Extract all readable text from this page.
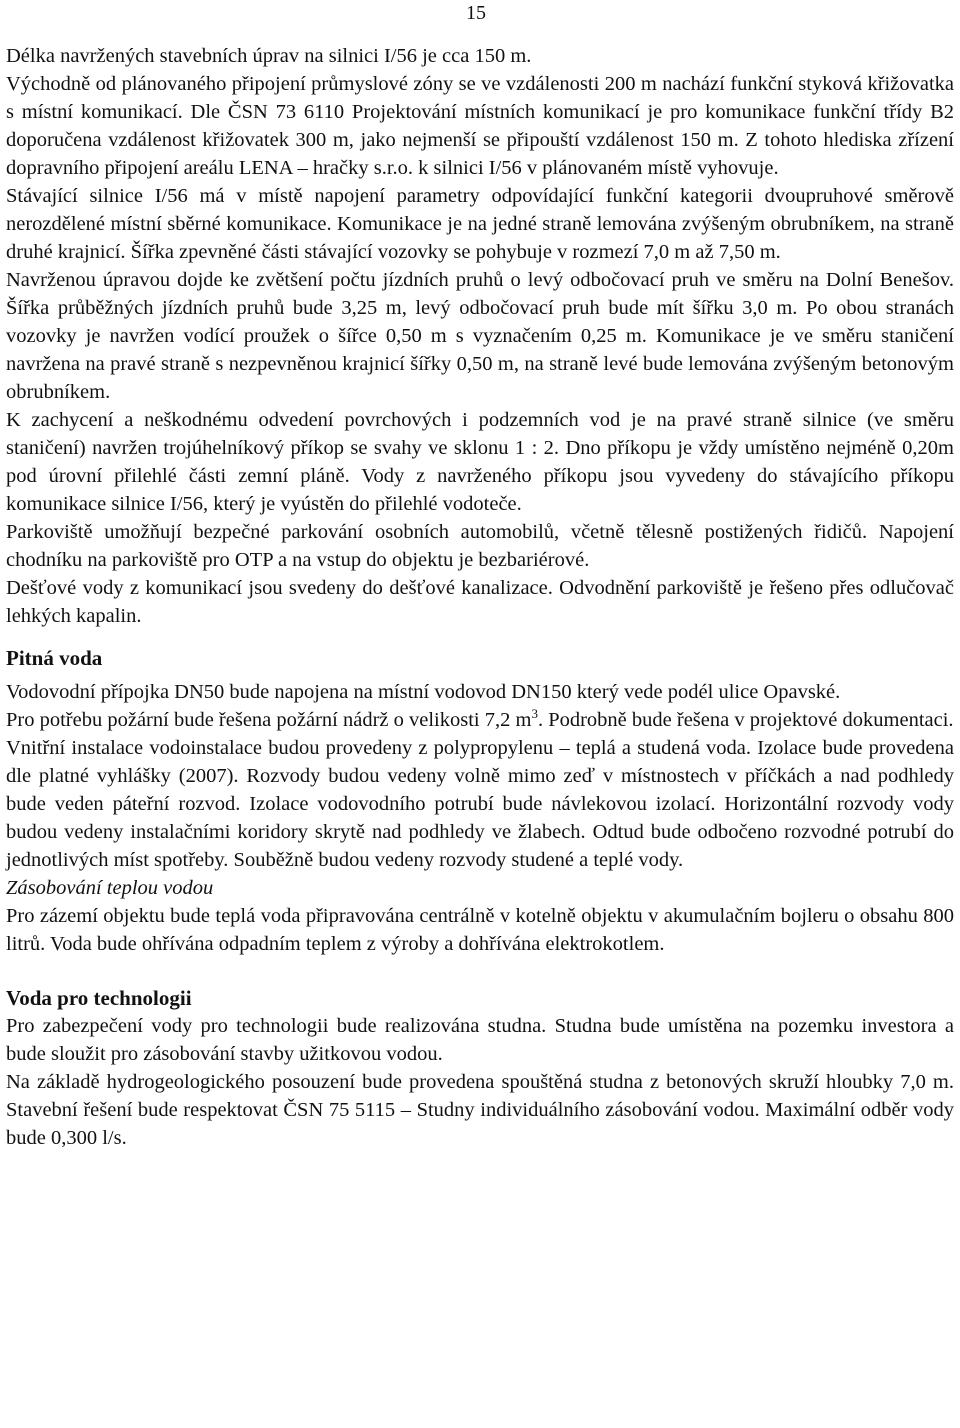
15

Délka navržených stavebních úprav na silnici I/56 je cca 150 m.

Východně od plánovaného připojení průmyslové zóny se ve vzdálenosti 200 m nachází funkční styková křižovatka s místní komunikací. Dle ČSN 73 6110 Projektování místních komunikací je pro komunikace funkční třídy B2 doporučena vzdálenost křižovatek 300 m, jako nejmenší se připouští vzdálenost 150 m. Z tohoto hlediska zřízení dopravního připojení areálu LENA – hračky s.r.o. k silnici I/56 v plánovaném místě vyhovuje.

Stávající silnice I/56 má v místě napojení parametry odpovídající funkční kategorii dvoupruhové směrově nerozdělené místní sběrné komunikace. Komunikace je na jedné straně lemována zvýšeným obrubníkem, na straně druhé krajnicí. Šířka zpevněné části stávající vozovky se pohybuje v rozmezí 7,0 m až 7,50 m.

Navrženou úpravou dojde ke zvětšení počtu jízdních pruhů o levý odbočovací pruh ve směru na Dolní Benešov. Šířka průběžných jízdních pruhů bude 3,25 m, levý odbočovací pruh bude mít šířku 3,0 m. Po obou stranách vozovky je navržen vodící proužek o šířce 0,50 m s vyznačením 0,25 m. Komunikace je ve směru staničení navržena na pravé straně s nezpevněnou krajnicí šířky 0,50 m, na straně levé bude lemována zvýšeným betonovým obrubníkem.

K zachycení a neškodnému odvedení povrchových i podzemních vod je na pravé straně silnice (ve směru staničení) navržen trojúhelníkový příkop se svahy ve sklonu 1 : 2. Dno příkopu je vždy umístěno nejméně 0,20m pod úrovní přilehlé části zemní pláně. Vody z navrženého příkopu jsou vyvedeny do stávajícího příkopu komunikace silnice I/56, který je vyústěn do přilehlé vodoteče.

Parkoviště umožňují bezpečné parkování osobních automobilů, včetně tělesně postižených řidičů. Napojení chodníku na parkoviště pro OTP a na vstup do objektu je bezbariérové.

Dešťové vody z komunikací jsou svedeny do dešťové kanalizace. Odvodnění parkoviště je řešeno přes odlučovač lehkých kapalin.

Pitná voda

Vodovodní přípojka DN50 bude napojena na místní vodovod DN150 který vede podél ulice Opavské.

Pro potřebu požární bude řešena požární nádrž o velikosti 7,2 $m^3$. Podrobně bude řešena v projektové dokumentaci.

Vnitřní instalace vodoinstalace budou provedeny z polypropylenu – teplá a studená voda. Izolace bude provedena dle platné vyhlášky (2007). Rozvody budou vedeny volně mimo zeď v místnostech v příčkách a nad podhledy bude veden páteřní rozvod. Izolace vodovodního potrubí bude návlekovou izolací. Horizontální rozvody vody budou vedeny instalačními koridory skrytě nad podhledy ve žlabech. Odtud bude odbočeno rozvodné potrubí do jednotlivých míst spotřeby. Souběžně budou vedeny rozvody studené a teplé vody.

Zásobování teplou vodou

Pro zázemí objektu bude teplá voda připravována centrálně v kotelně objektu v akumulačním bojleru o obsahu 800 litrů. Voda bude ohřívána odpadním teplem z výroby a dohřívána elektrokotlem.

Voda pro technologii

Pro zabezpečení vody pro technologii bude realizována studna. Studna bude umístěna na pozemku investora a bude sloužit pro zásobování stavby užitkovou vodou.

Na základě hydrogeologického posouzení bude provedena spouštěná studna z betonových skruží hloubky 7,0 m. Stavební řešení bude respektovat ČSN 75 5115 – Studny individuálního zásobování vodou. Maximální odběr vody bude 0,300 l/s.
